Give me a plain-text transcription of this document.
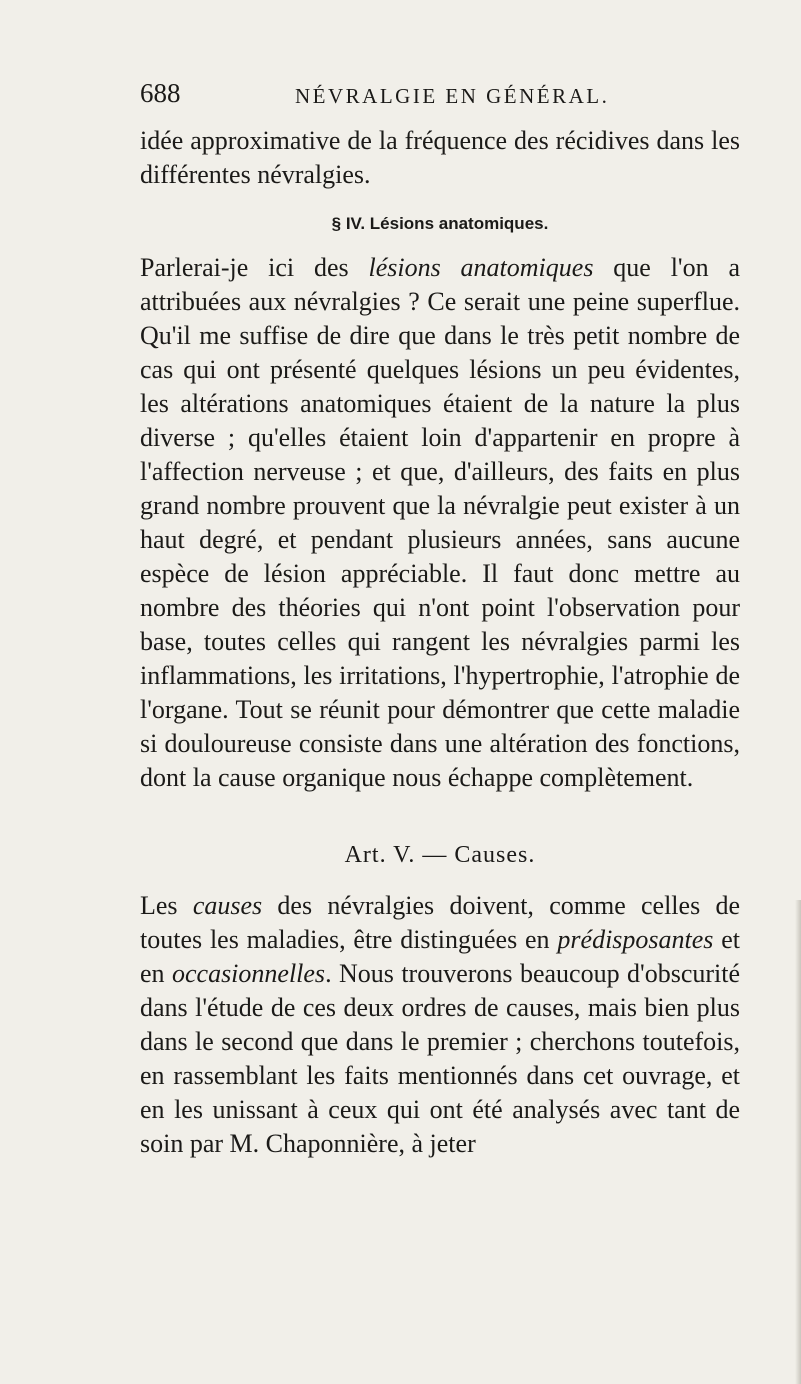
688	NÉVRALGIE EN GÉNÉRAL.

idée approximative de la fréquence des récidives dans les différentes névralgies.

§ IV. Lésions anatomiques.

Parlerai-je ici des lésions anatomiques que l'on a attribuées aux névralgies ? Ce serait une peine superflue. Qu'il me suffise de dire que dans le très petit nombre de cas qui ont présenté quelques lésions un peu évidentes, les altérations anatomiques étaient de la nature la plus diverse ; qu'elles étaient loin d'appartenir en propre à l'affection nerveuse ; et que, d'ailleurs, des faits en plus grand nombre prouvent que la névralgie peut exister à un haut degré, et pendant plusieurs années, sans aucune espèce de lésion appréciable. Il faut donc mettre au nombre des théories qui n'ont point l'observation pour base, toutes celles qui rangent les névralgies parmi les inflammations, les irritations, l'hypertrophie, l'atrophie de l'organe. Tout se réunit pour démontrer que cette maladie si douloureuse consiste dans une altération des fonctions, dont la cause organique nous échappe complètement.

Art. V. — Causes.

Les causes des névralgies doivent, comme celles de toutes les maladies, être distinguées en prédisposantes et en occasionnelles. Nous trouverons beaucoup d'obscurité dans l'étude de ces deux ordres de causes, mais bien plus dans le second que dans le premier ; cherchons toutefois, en rassemblant les faits mentionnés dans cet ouvrage, et en les unissant à ceux qui ont été analysés avec tant de soin par M. Chaponnière, à jeter
